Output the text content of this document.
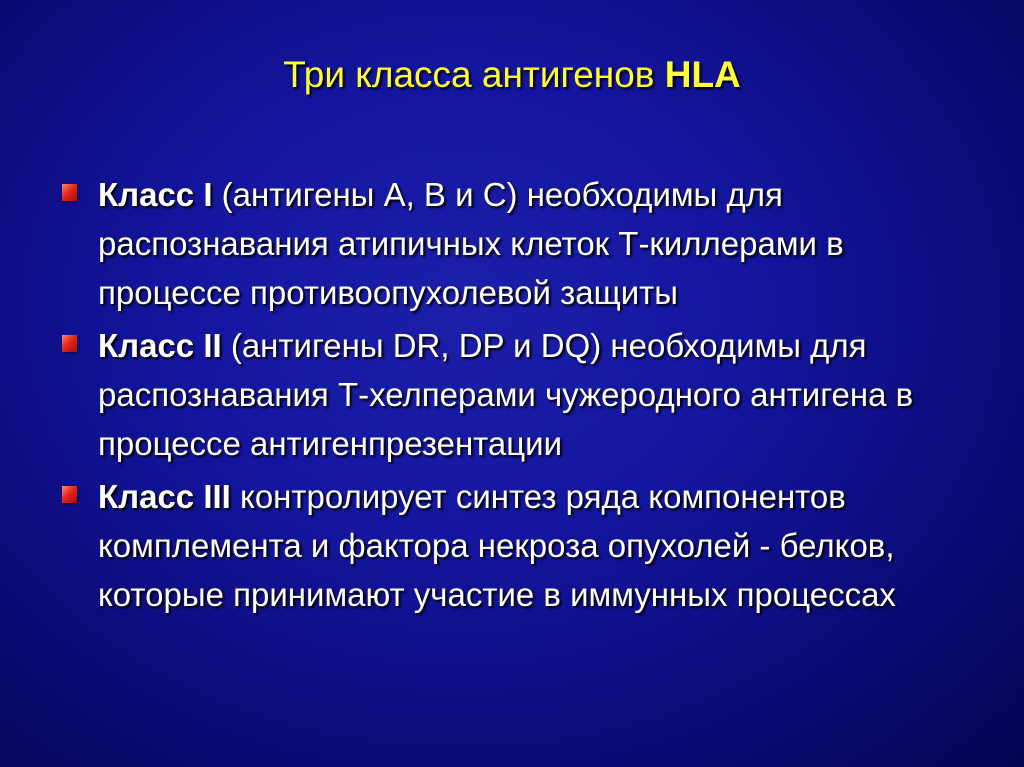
Три класса антигенов HLA
Класс I (антигены А, В и С) необходимы для распознавания атипичных клеток Т-киллерами в процессе противоопухолевой защиты
Класс II (антигены DR, DP и DQ) необходимы для распознавания Т-хелперами чужеродного антигена в процессе антигенпрезентации
Класс III контролирует синтез ряда компонентов комплемента и фактора некроза опухолей - белков, которые принимают участие в иммунных процессах
